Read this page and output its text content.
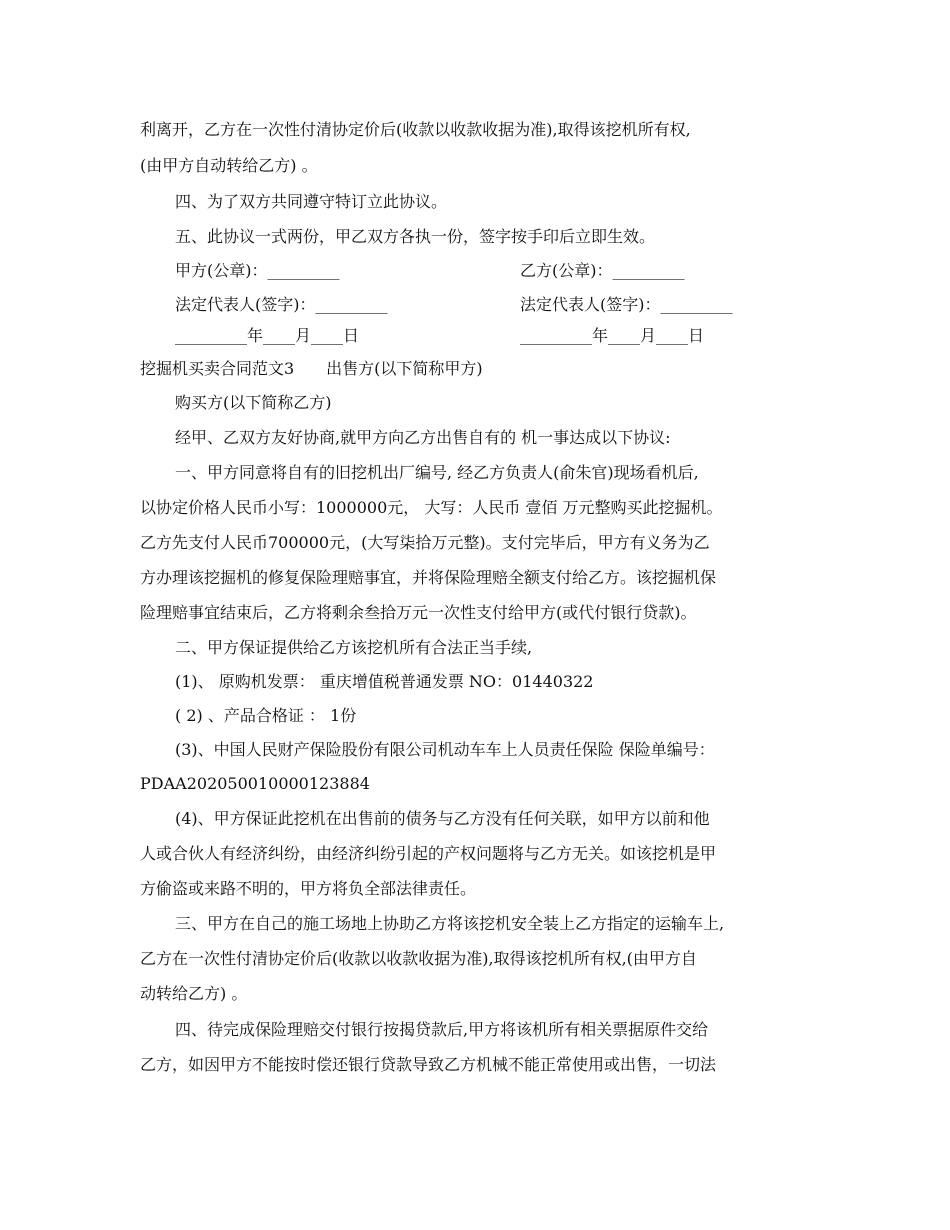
利离开，乙方在一次性付清协定价后(收款以收款收据为准),取得该挖机所有权,
(由甲方自动转给乙方) 。
四、为了双方共同遵守特订立此协议。
五、此协议一式两份，甲乙双方各执一份，签字按手印后立即生效。
甲方(公章)：_________	乙方(公章)：_________
法定代表人(签字)：_________	法定代表人(签字)：_________
_________年____月____日	_________年____月____日
挖掘机买卖合同范文3　　出售方(以下简称甲方)
购买方(以下简称乙方)
经甲、乙双方友好协商,就甲方向乙方出售自有的 机一事达成以下协议:
一、甲方同意将自有的旧挖机出厂编号, 经乙方负责人(俞朱官)现场看机后,
以协定价格人民币小写：1000000元， 大写：人民币 壹佰 万元整购买此挖掘机。
乙方先支付人民币700000元，(大写柒拾万元整)。支付完毕后，甲方有义务为乙
方办理该挖掘机的修复保险理赔事宜，并将保险理赔全额支付给乙方。该挖掘机保
险理赔事宜结束后，乙方将剩余叁拾万元一次性支付给甲方(或代付银行贷款)。
二、甲方保证提供给乙方该挖机所有合法正当手续,
(1)、 原购机发票： 重庆增值税普通发票 NO：01440322
( 2) 、产品合格证 ： 1份
(3)、中国人民财产保险股份有限公司机动车车上人员责任保险 保险单编号：
PDAA202050010000123884
(4)、甲方保证此挖机在出售前的债务与乙方没有任何关联，如甲方以前和他
人或合伙人有经济纠纷，由经济纠纷引起的产权问题将与乙方无关。如该挖机是甲
方偷盗或来路不明的，甲方将负全部法律责任。
三、甲方在自己的施工场地上协助乙方将该挖机安全装上乙方指定的运输车上,
乙方在一次性付清协定价后(收款以收款收据为准),取得该挖机所有权,(由甲方自
动转给乙方) 。
四、待完成保险理赔交付银行按揭贷款后,甲方将该机所有相关票据原件交给
乙方，如因甲方不能按时偿还银行贷款导致乙方机械不能正常使用或出售，一切法
